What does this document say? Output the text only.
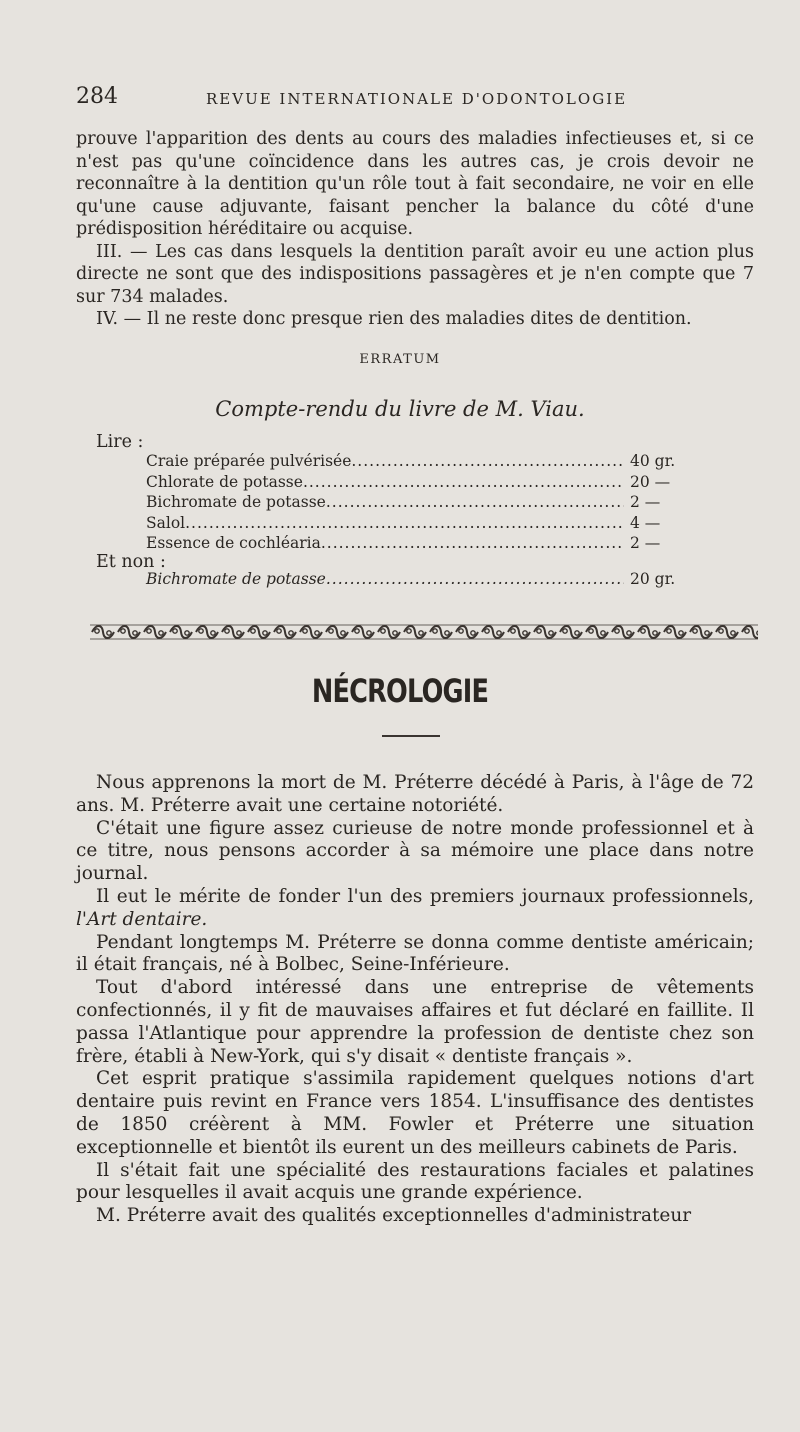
284	REVUE INTERNATIONALE D'ODONTOLOGIE

prouve l'apparition des dents au cours des maladies infectieuses et, si ce n'est pas qu'une coïncidence dans les autres cas, je crois devoir ne reconnaître à la dentition qu'un rôle tout à fait secondaire, ne voir en elle qu'une cause adjuvante, faisant pencher la balance du côté d'une prédisposition héréditaire ou acquise.

III. — Les cas dans lesquels la dentition paraît avoir eu une action plus directe ne sont que des indispositions passagères et je n'en compte que 7 sur 734 malades.

IV. — Il ne reste donc presque rien des maladies dites de dentition.

ERRATUM
Compte-rendu du livre de M. Viau.
Lire :
Craie préparée pulvérisée .....	40 gr.
Chlorate de potasse .....	20 —
Bichromate de potasse .....	2 —
Salol .....	4 —
Essence de cochléaria .....	2 —
Et non :
Bichromate de potasse .....	20 gr.
NÉCROLOGIE

Nous apprenons la mort de M. Préterre décédé à Paris, à l'âge de 72 ans. M. Préterre avait une certaine notoriété.

C'était une figure assez curieuse de notre monde professionnel et à ce titre, nous pensons accorder à sa mémoire une place dans notre journal.

Il eut le mérite de fonder l'un des premiers journaux professionnels, l'Art dentaire.

Pendant longtemps M. Préterre se donna comme dentiste américain; il était français, né à Bolbec, Seine-Inférieure.

Tout d'abord intéressé dans une entreprise de vêtements confectionnés, il y fit de mauvaises affaires et fut déclaré en faillite. Il passa l'Atlantique pour apprendre la profession de dentiste chez son frère, établi à New-York, qui s'y disait « dentiste français ».

Cet esprit pratique s'assimila rapidement quelques notions d'art dentaire puis revint en France vers 1854. L'insuffisance des dentistes de 1850 créèrent à MM. Fowler et Préterre une situation exceptionnelle et bientôt ils eurent un des meilleurs cabinets de Paris.

Il s'était fait une spécialité des restaurations faciales et palatines pour lesquelles il avait acquis une grande expérience.

M. Préterre avait des qualités exceptionnelles d'administrateur
